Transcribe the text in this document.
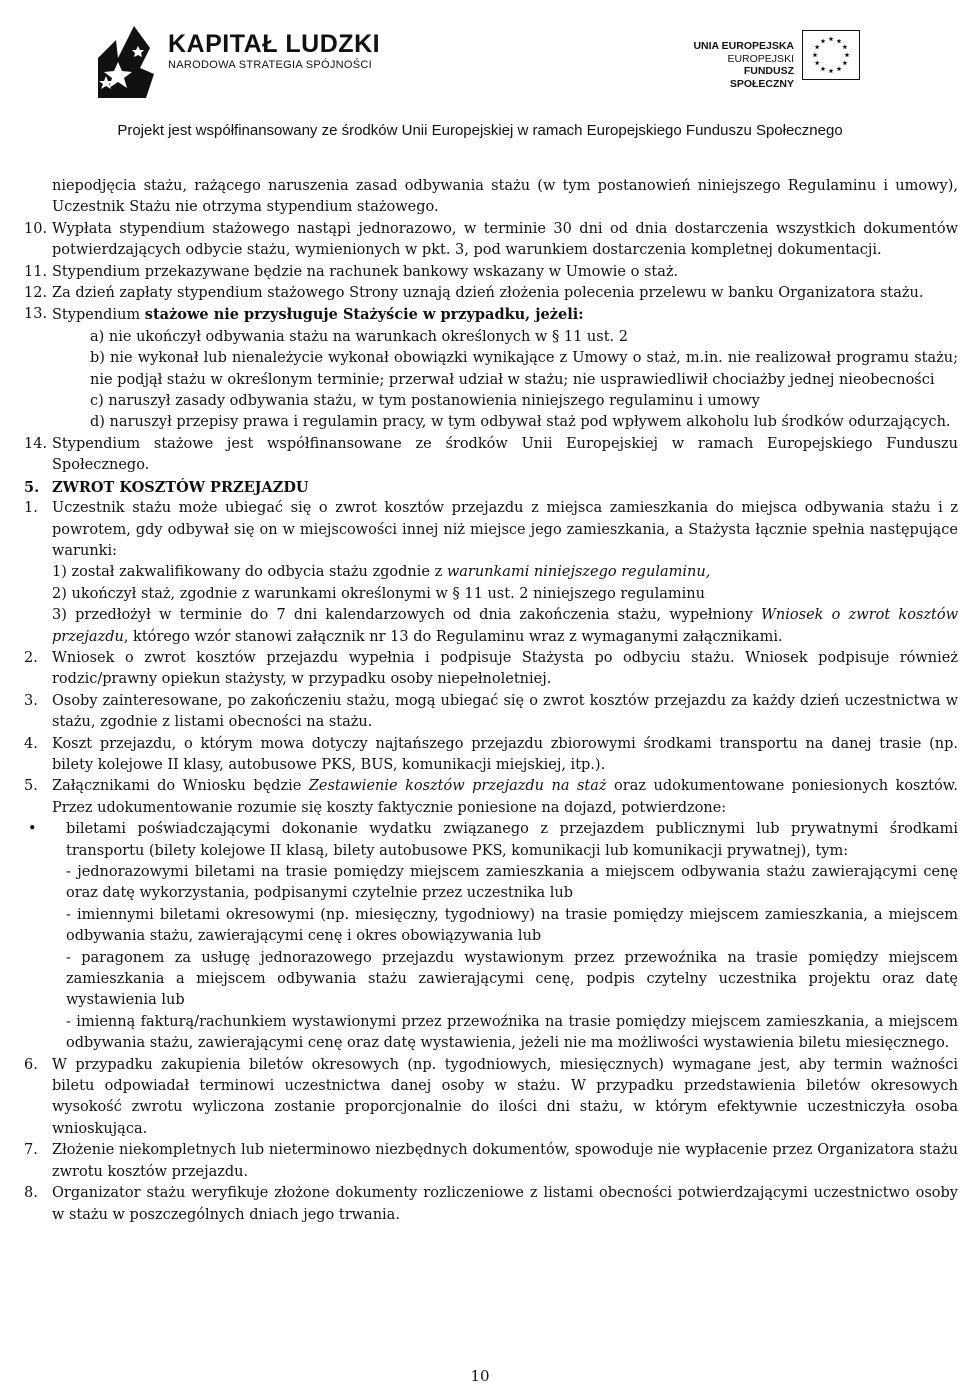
KAPITAŁ LUDZKI
NARODOWA STRATEGIA SPÓJNOŚCI
UNIA EUROPEJSKA
EUROPEJSKI
FUNDUSZ SPOŁECZNY
Projekt jest współfinansowany ze środków Unii Europejskiej w ramach Europejskiego Funduszu Społecznego

niepodjęcia stażu, rażącego naruszenia zasad odbywania stażu (w tym postanowień niniejszego Regulaminu i umowy), Uczestnik Stażu nie otrzyma stypendium stażowego.

10. Wypłata stypendium stażowego nastąpi jednorazowo, w terminie 30 dni od dnia dostarczenia wszystkich dokumentów potwierdzających odbycie stażu, wymienionych w pkt. 3, pod warunkiem dostarczenia kompletnej dokumentacji.

11. Stypendium przekazywane będzie na rachunek bankowy wskazany w Umowie o staż.

12. Za dzień zapłaty stypendium stażowego Strony uznają dzień złożenia polecenia przelewu w banku Organizatora stażu.

13. Stypendium stażowe nie przysługuje Stażyście w przypadku, jeżeli:

a) nie ukończył odbywania stażu na warunkach określonych w § 11 ust. 2

b) nie wykonał lub nienależycie wykonał obowiązki wynikające z Umowy o staż, m.in. nie realizował programu stażu; nie podjął stażu w określonym terminie; przerwał udział w stażu; nie usprawiedliwił chociażby jednej nieobecności

c) naruszył zasady odbywania stażu, w tym postanowienia niniejszego regulaminu i umowy

d) naruszył przepisy prawa i regulamin pracy, w tym odbywał staż pod wpływem alkoholu lub środków odurzających.

14. Stypendium stażowe jest współfinansowane ze środków Unii Europejskiej w ramach Europejskiego Funduszu Społecznego.

5. ZWROT KOSZTÓW PRZEJAZDU

1. Uczestnik stażu może ubiegać się o zwrot kosztów przejazdu z miejsca zamieszkania do miejsca odbywania stażu i z powrotem, gdy odbywał się on w miejscowości innej niż miejsce jego zamieszkania, a Stażysta łącznie spełnia następujące warunki:

1) został zakwalifikowany do odbycia stażu zgodnie z warunkami niniejszego regulaminu,

2) ukończył staż, zgodnie z warunkami określonymi w § 11 ust. 2 niniejszego regulaminu

3) przedłożył w terminie do 7 dni kalendarzowych od dnia zakończenia stażu, wypełniony Wniosek o zwrot kosztów przejazdu, którego wzór stanowi załącznik nr 13 do Regulaminu wraz z wymaganymi załącznikami.

2. Wniosek o zwrot kosztów przejazdu wypełnia i podpisuje Stażysta po odbyciu stażu. Wniosek podpisuje również rodzic/prawny opiekun stażysty, w przypadku osoby niepełnoletniej.

3. Osoby zainteresowane, po zakończeniu stażu, mogą ubiegać się o zwrot kosztów przejazdu za każdy dzień uczestnictwa w stażu, zgodnie z listami obecności na stażu.

4. Koszt przejazdu, o którym mowa dotyczy najtańszego przejazdu zbiorowymi środkami transportu na danej trasie (np. bilety kolejowe II klasy, autobusowe PKS, BUS, komunikacji miejskiej, itp.).

5. Załącznikami do Wniosku będzie Zestawienie kosztów przejazdu na staż oraz udokumentowane poniesionych kosztów. Przez udokumentowanie rozumie się koszty faktycznie poniesione na dojazd, potwierdzone:

• biletami poświadczającymi dokonanie wydatku związanego z przejazdem publicznymi lub prywatnymi środkami transportu (bilety kolejowe II klasą, bilety autobusowe PKS, komunikacji lub komunikacji prywatnej), tym:

- jednorazowymi biletami na trasie pomiędzy miejscem zamieszkania a miejscem odbywania stażu zawierającymi cenę oraz datę wykorzystania, podpisanymi czytelnie przez uczestnika lub

- imiennymi biletami okresowymi (np. miesięczny, tygodniowy) na trasie pomiędzy miejscem zamieszkania, a miejscem odbywania stażu, zawierającymi cenę i okres obowiązywania lub

- paragonem za usługę jednorazowego przejazdu wystawionym przez przewoźnika na trasie pomiędzy miejscem zamieszkania a miejscem odbywania stażu zawierającymi cenę, podpis czytelny uczestnika projektu oraz datę wystawienia lub

- imienną fakturą/rachunkiem wystawionymi przez przewoźnika na trasie pomiędzy miejscem zamieszkania, a miejscem odbywania stażu, zawierającymi cenę oraz datę wystawienia, jeżeli nie ma możliwości wystawienia biletu miesięcznego.

6. W przypadku zakupienia biletów okresowych (np. tygodniowych, miesięcznych) wymagane jest, aby termin ważności biletu odpowiadał terminowi uczestnictwa danej osoby w stażu. W przypadku przedstawienia biletów okresowych wysokość zwrotu wyliczona zostanie proporcjonalnie do ilości dni stażu, w którym efektywnie uczestniczyła osoba wnioskująca.

7. Złożenie niekompletnych lub nieterminowo niezbędnych dokumentów, spowoduje nie wypłacenie przez Organizatora stażu zwrotu kosztów przejazdu.

8. Organizator stażu weryfikuje złożone dokumenty rozliczeniowe z listami obecności potwierdzającymi uczestnictwo osoby w stażu w poszczególnych dniach jego trwania.

10
